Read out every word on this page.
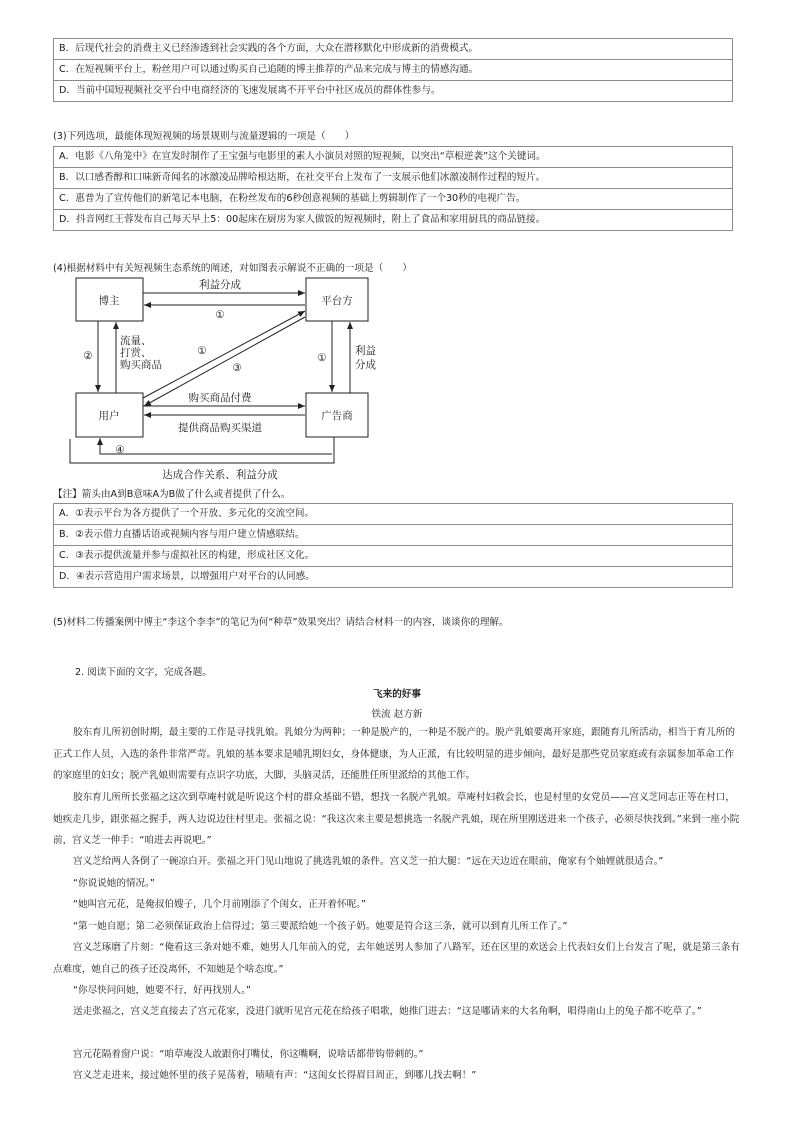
B．后现代社会的消费主义已经渗透到社会实践的各个方面，大众在潜移默化中形成新的消费模式。
C．在短视频平台上，粉丝用户可以通过购买自己追随的博主推荐的产品来完成与博主的情感沟通。
D．当前中国短视频社交平台中电商经济的飞速发展离不开平台中社区成员的群体性参与。
(3)下列选项，最能体现短视频的场景规则与流量逻辑的一项是（　　）
A．电影《八角笼中》在宣发时制作了王宝强与电影里的素人小演员对照的短视频，以突出“草根逆袭”这个关键词。
B．以口感香醇和口味新奇闻名的冰激凌品牌哈根达斯，在社交平台上发布了一支展示他们冰激凌制作过程的短片。
C．惠普为了宣传他们的新笔记本电脑，在粉丝发布的6秒创意视频的基础上剪辑制作了一个30秒的电视广告。
D．抖音网红王蓉发布自己每天早上5：00起床在厨房为家人做饭的短视频时，附上了食品和家用厨具的商品链接。
(4)根据材料中有关短视频生态系统的阐述，对如图表示解说不正确的一项是（　　）
博主	平台方
用户	广告商
利益分成
①
②
流量、
打赏、
购买商品
①
③
①
利益
分成
购买商品付费
提供商品购买渠道
④
达成合作关系、利益分成
【注】箭头由A到B意味A为B做了什么或者提供了什么。
A．①表示平台为各方提供了一个开放、多元化的交流空间。
B．②表示借力直播话语或视频内容与用户建立情感联结。
C．③表示提供流量并参与虚拟社区的构建，形成社区文化。
D．④表示营造用户需求场景，以增强用户对平台的认同感。
(5)材料二传播案例中博主“李这个李李”的笔记为何“种草”效果突出？请结合材料一的内容，谈谈你的理解。
2. 阅读下面的文字，完成各题。
飞来的好事
铁流 赵方新
胶东育儿所初创时期，最主要的工作是寻找乳娘。乳娘分为两种；一种是脱产的，一种是不脱产的。脱产乳娘要离开家庭，跟随育儿所活动，相当于育儿所的正式工作人员，入选的条件非常严苛。乳娘的基本要求是哺乳期妇女，身体健康，为人正派，有比较明显的进步倾向，最好是那些党员家庭或有亲属参加革命工作的家庭里的妇女；脱产乳娘则需要有点识字功底，大脚，头脑灵活，还能胜任所里派给的其他工作。
胶东育儿所所长张福之这次到草庵村就是听说这个村的群众基础不错，想找一名脱产乳娘。草庵村妇救会长，也是村里的女党员——宫义芝同志正等在村口，她疾走几步，跟张福之握手，两人边说边往村里走。张福之说：“我这次来主要是想挑选一名脱产乳娘，现在所里刚送进来一个孩子，必须尽快找到。”来到一座小院前，宫义芝一伸手：“咱进去再说吧。”
宫义芝给两人各倒了一碗凉白开。张福之开门见山地说了挑选乳娘的条件。宫义芝一拍大腿：“远在天边近在眼前，俺家有个妯娌就很适合。”
“你说说她的情况。”
“她叫宫元花，是俺叔伯嫂子，几个月前刚添了个闺女，正开着怀呢。”
“第一她自愿；第二必须保证政治上信得过；第三要派给她一个孩子奶。她要是符合这三条，就可以到育儿所工作了。”
宫义芝琢磨了片刻：“俺看这三条对她不难，她男人几年前入的党，去年她送男人参加了八路军，还在区里的欢送会上代表妇女们上台发言了呢，就是第三条有点难度，她自己的孩子还没离怀，不知她是个啥态度。”
“你尽快问问她，她要不行，好再找别人。”
送走张福之，宫义芝直接去了宫元花家，没进门就听见宫元花在给孩子唱歌，她推门进去：“这是哪请来的大名角啊，唱得南山上的兔子都不吃草了。”
宫元花隔着窗户说：“咱草庵没人敢跟你打嘴仗，你这嘴啊，说啥话都带钩带刺的。”
宫义芝走进来，接过她怀里的孩子晃荡着，啧啧有声：“这闺女长得眉目周正，到哪儿找去啊！”
